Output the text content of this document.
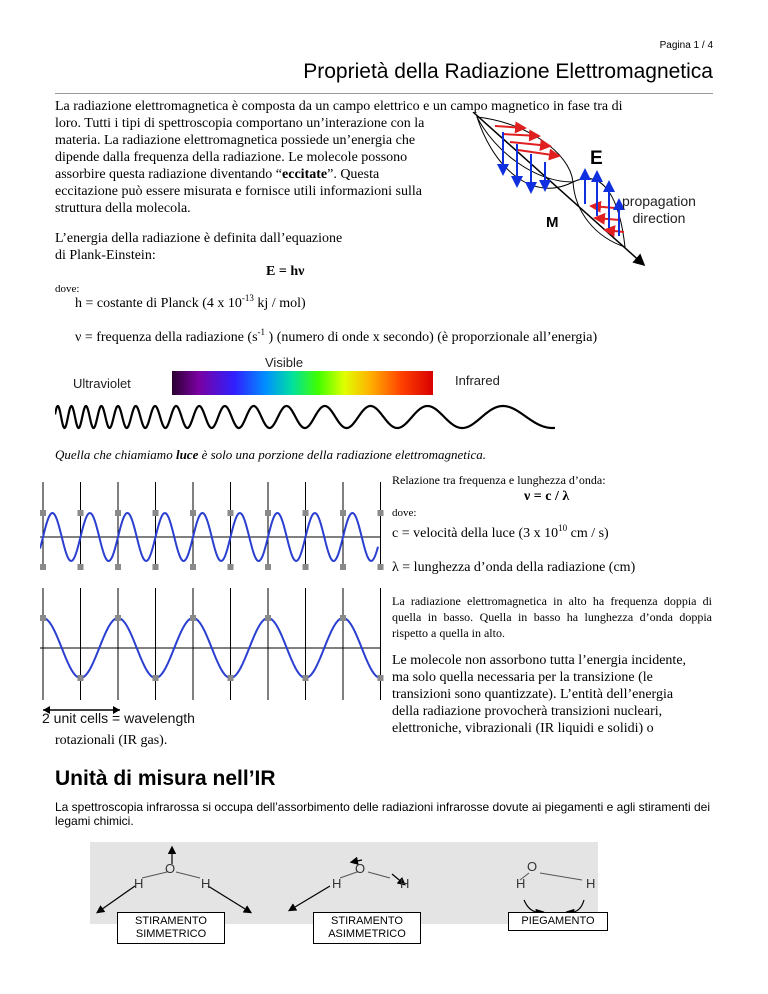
Pagina 1 / 4
Proprietà della Radiazione Elettromagnetica
La radiazione elettromagnetica è composta da un campo elettrico e un campo magnetico in fase tra di
loro. Tutti i tipi di spettroscopia comportano un’interazione con la
materia. La radiazione elettromagnetica possiede un’energia che
dipende dalla frequenza della radiazione. Le molecole possono
assorbire questa radiazione diventando “eccitate”. Questa
eccitazione può essere misurata e fornisce utili informazioni sulla
struttura della molecola.
E
M
propagation
direction
L’energia della radiazione è definita dall’equazione
di Plank-Einstein:
E = hν
dove:
h = costante di Planck (4 x $10^{-13}$ kj / mol)
ν = frequenza della radiazione ($s^{-1}$ ) (numero di onde x secondo) (è proporzionale all’energia)
Visible
Ultraviolet	Infrared
Quella che chiamiamo luce è solo una porzione della radiazione elettromagnetica.
2 unit cells = wavelength
Relazione tra frequenza e lunghezza d’onda:
ν = c / λ
dove:
c = velocità della luce (3 x $10^{10}$ cm / s)
λ = lunghezza d’onda della radiazione (cm)
La radiazione elettromagnetica in alto ha frequenza doppia di quella in basso. Quella in basso ha lunghezza d’onda doppia rispetto a quella in alto.
Le molecole non assorbono tutta l’energia incidente,
ma solo quella necessaria per la transizione (le
transizioni sono quantizzate). L’entità dell’energia
della radiazione provocherà transizioni nucleari,
elettroniche, vibrazionali (IR liquidi e solidi) o
rotazionali (IR gas).
Unità di misura nell’IR
La spettroscopia infrarossa si occupa dell’assorbimento delle radiazioni infrarosse dovute ai piegamenti e agli stiramenti dei legami chimici.
O
H	H
O
H	H
O
H	H
STIRAMENTO
SIMMETRICO
STIRAMENTO
ASIMMETRICO
PIEGAMENTO
